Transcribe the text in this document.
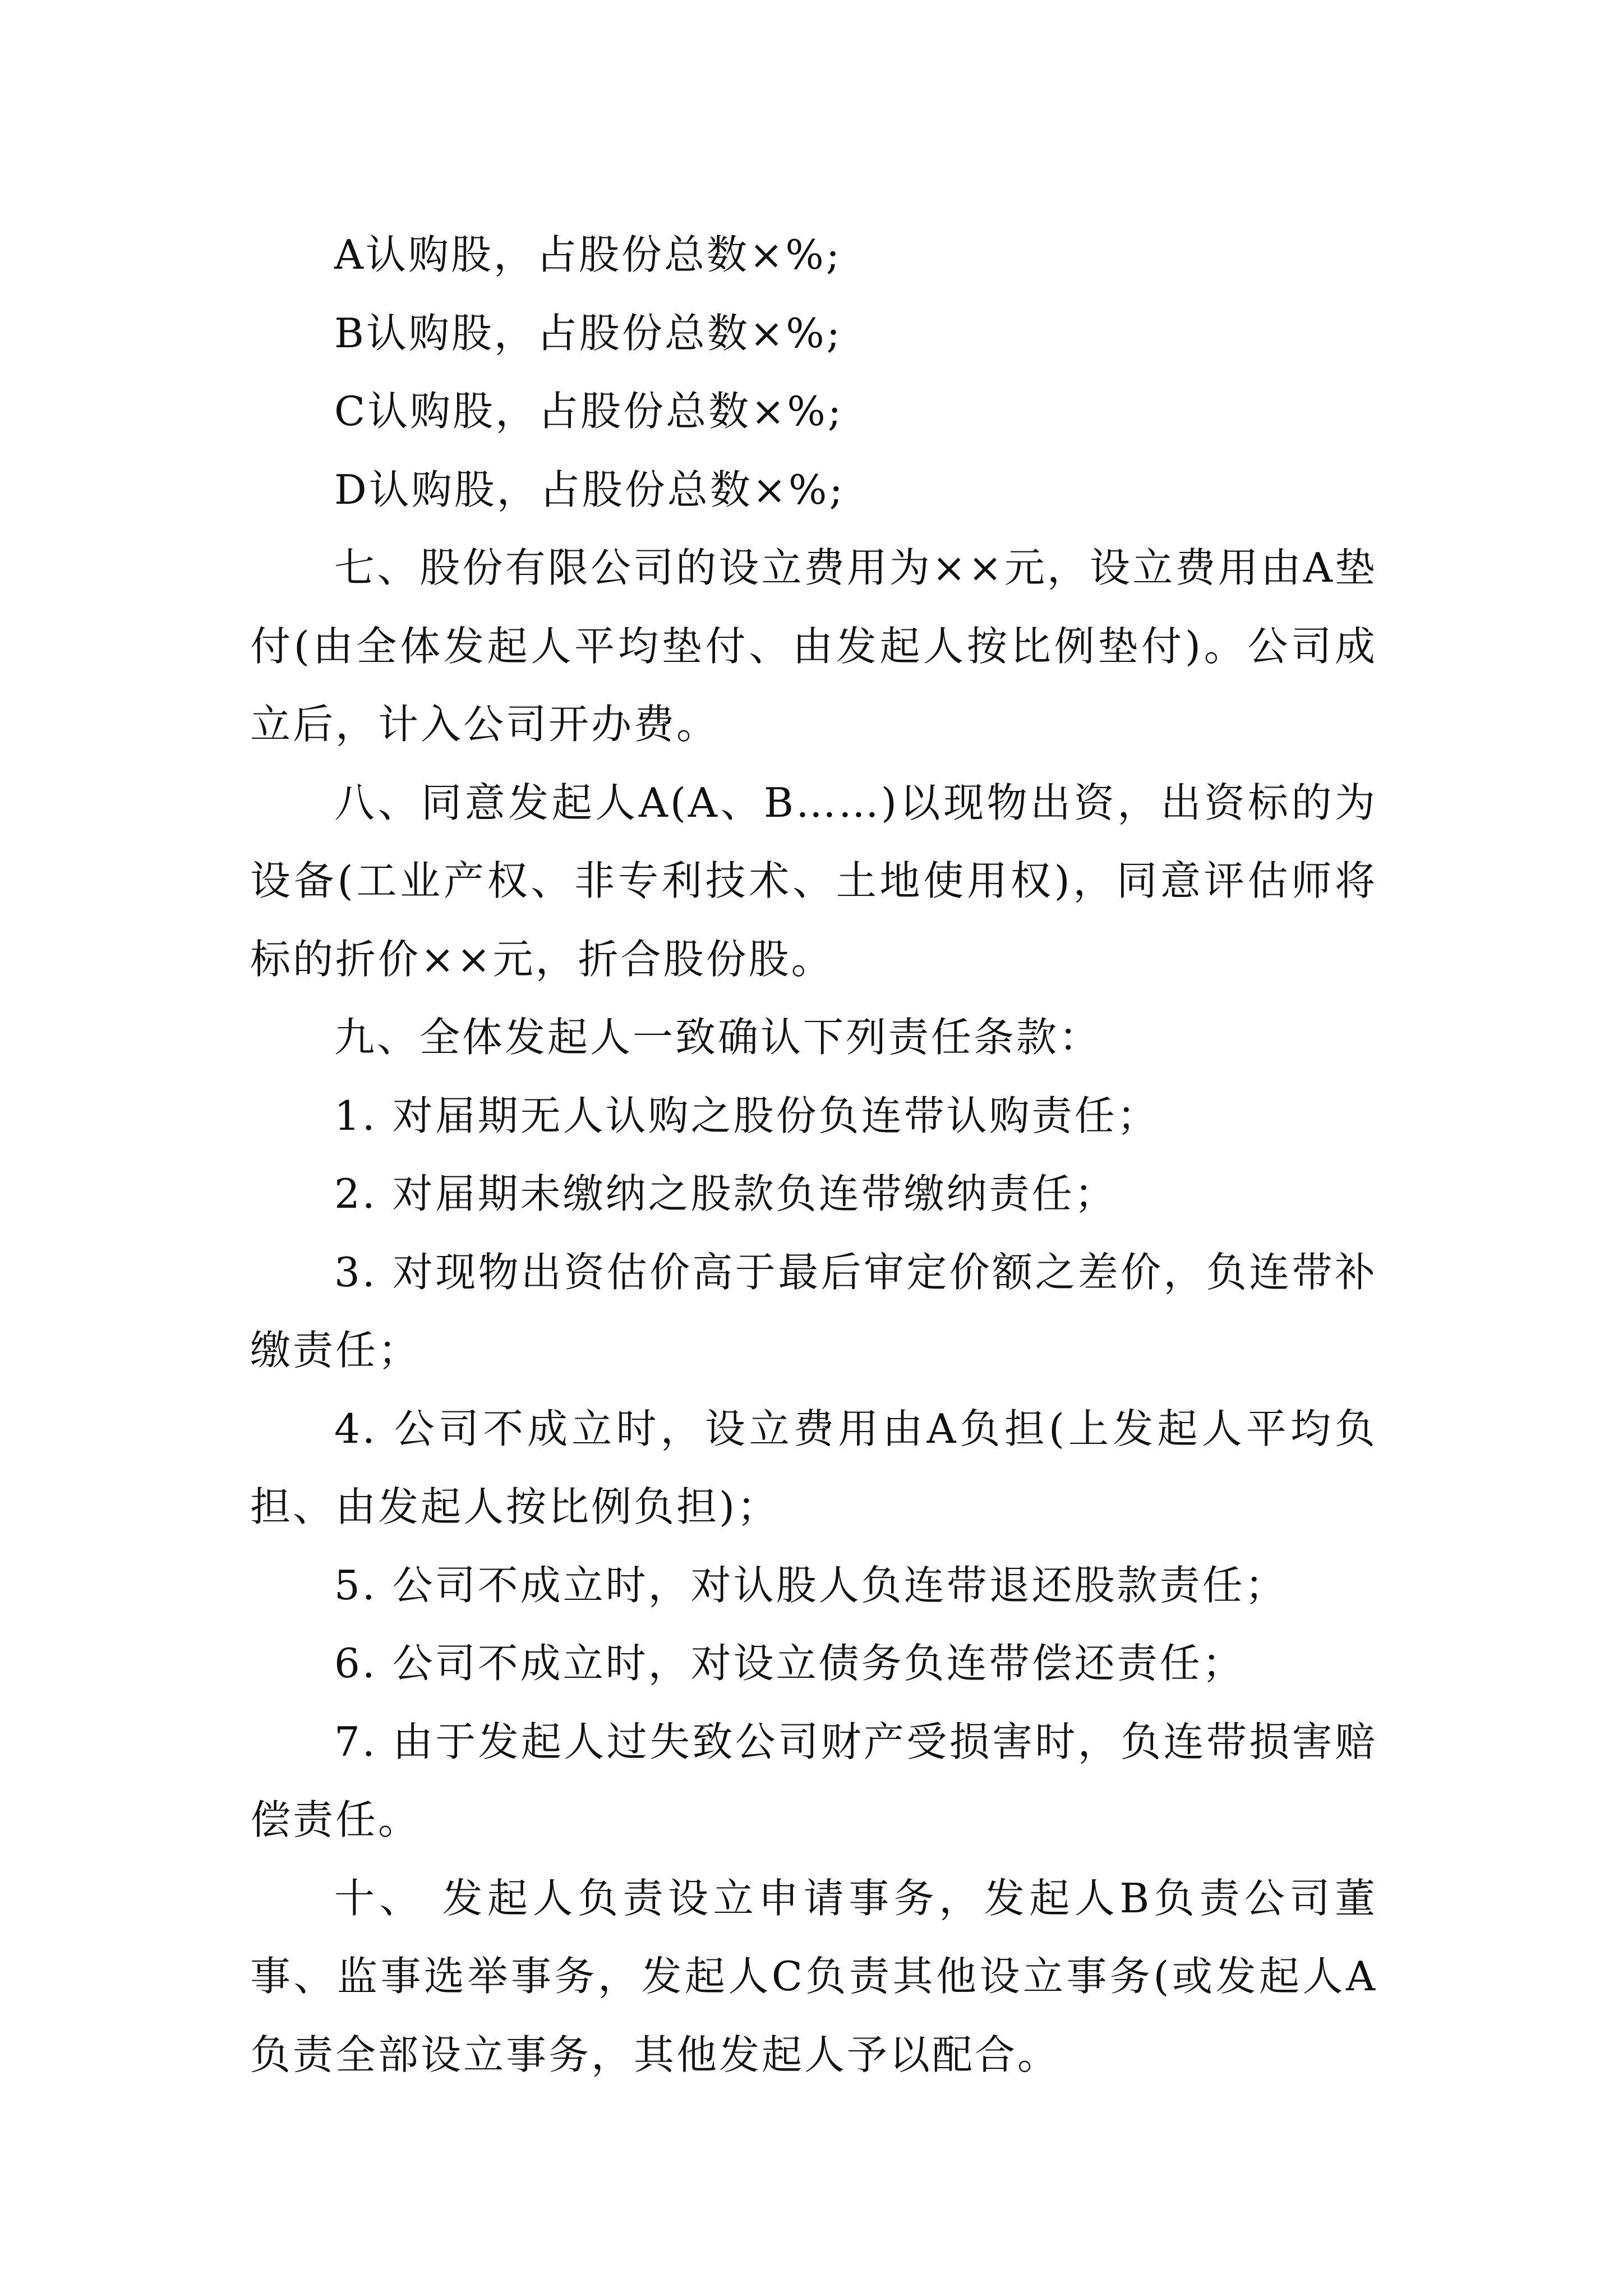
A认购股，占股份总数×%;

B认购股，占股份总数×%;

C认购股，占股份总数×%;

D认购股，占股份总数×%;

七、股份有限公司的设立费用为××元，设立费用由A垫付(由全体发起人平均垫付、由发起人按比例垫付)。公司成立后，计入公司开办费。

八、同意发起人A(A、B……)以现物出资，出资标的为设备(工业产权、非专利技术、土地使用权)，同意评估师将标的折价××元，折合股份股。

九、全体发起人一致确认下列责任条款：

1. 对届期无人认购之股份负连带认购责任；

2. 对届期未缴纳之股款负连带缴纳责任；

3. 对现物出资估价高于最后审定价额之差价，负连带补缴责任；

4. 公司不成立时，设立费用由A负担(上发起人平均负担、由发起人按比例负担)；

5. 公司不成立时，对认股人负连带退还股款责任；

6. 公司不成立时，对设立债务负连带偿还责任；

7. 由于发起人过失致公司财产受损害时，负连带损害赔偿责任。

十、 发起人负责设立申请事务，发起人B负责公司董事、监事选举事务，发起人C负责其他设立事务(或发起人A负责全部设立事务，其他发起人予以配合。
